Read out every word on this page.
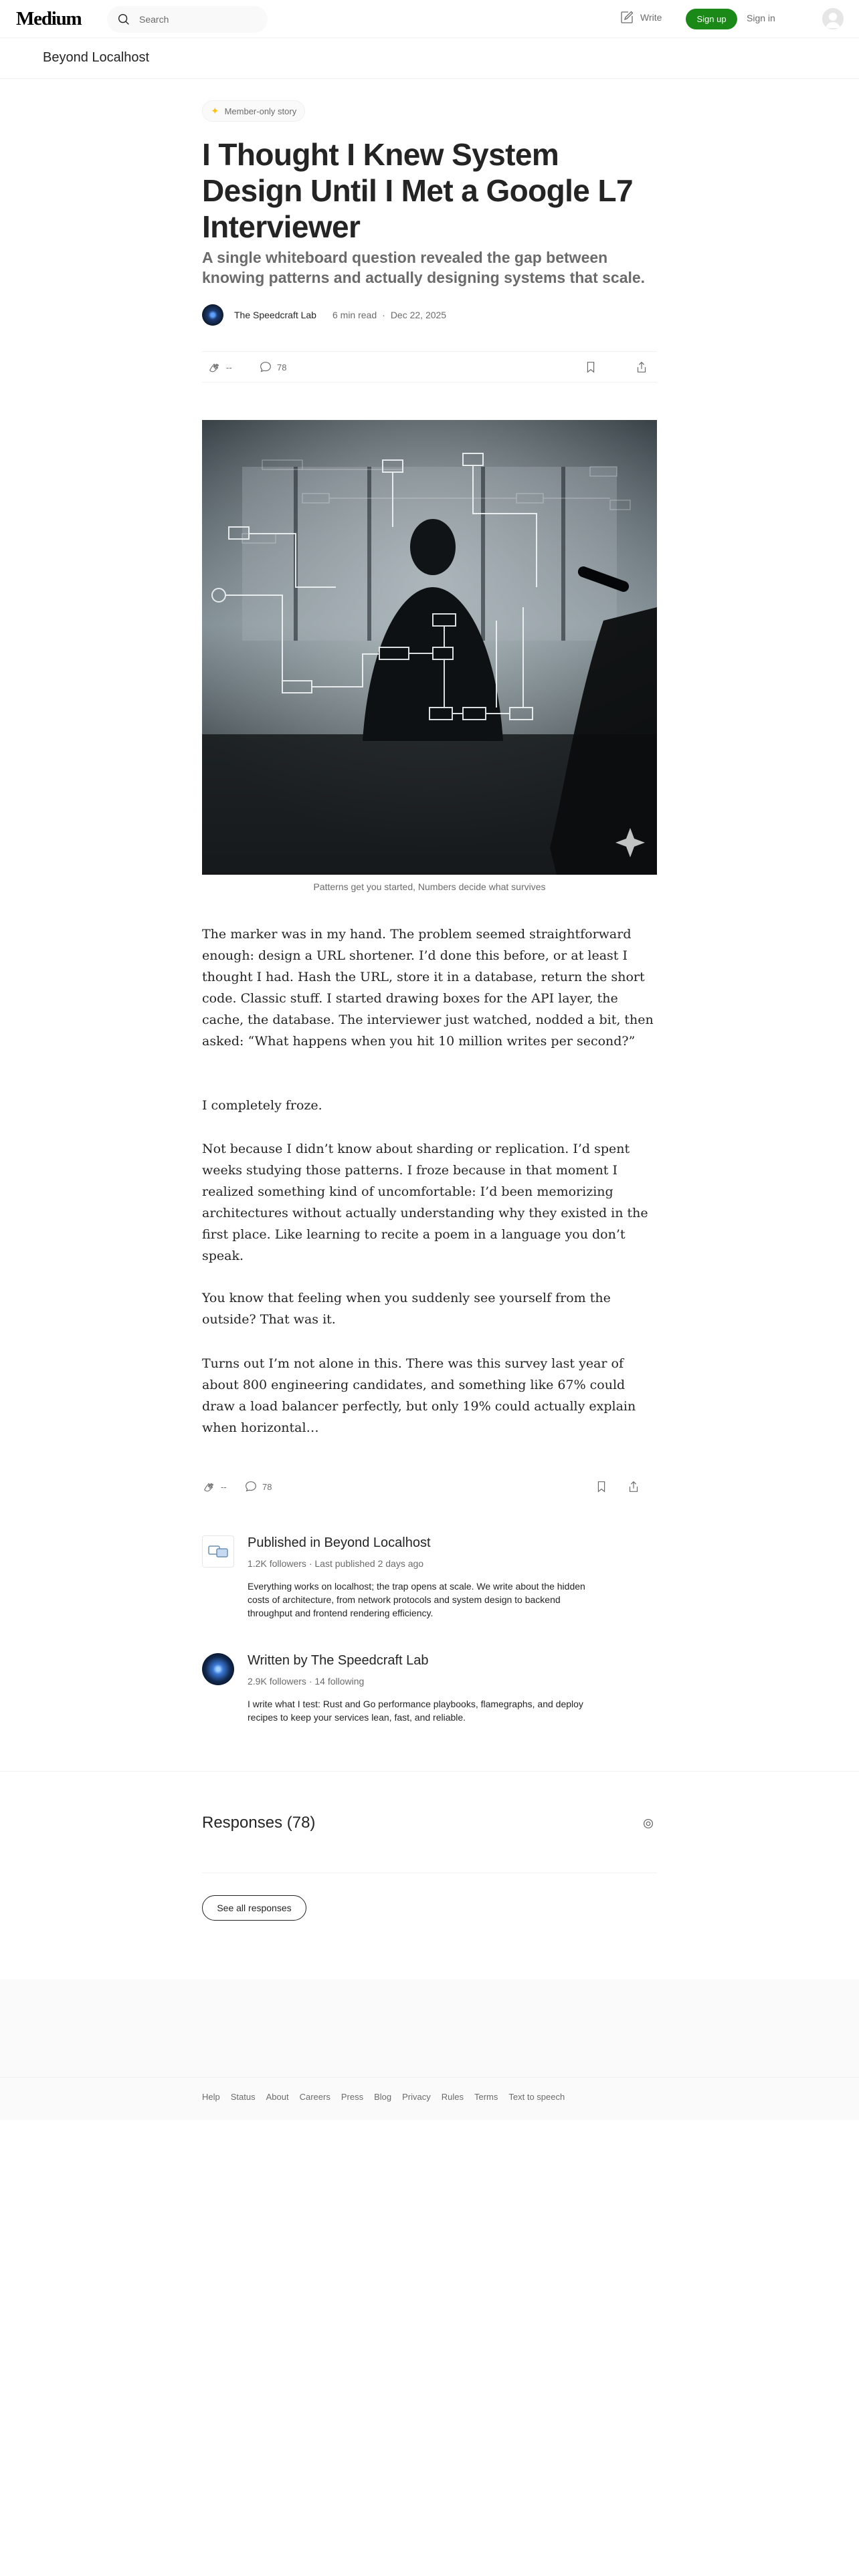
Medium	Search	Write	Sign up	Sign in
Beyond Localhost
✦ Member-only story
I Thought I Knew System Design Until I Met a Google L7 Interviewer
A single whiteboard question revealed the gap between knowing patterns and actually designing systems that scale.
The Speedcraft Lab 6 min read · Dec 22, 2025
--	78
Patterns get you started, Numbers decide what survives

The marker was in my hand. The problem seemed straightforward enough: design a URL shortener. I’d done this before, or at least I thought I had. Hash the URL, store it in a database, return the short code. Classic stuff. I started drawing boxes for the API layer, the cache, the database. The interviewer just watched, nodded a bit, then asked: “What happens when you hit 10 million writes per second?”

I completely froze.

Not because I didn’t know about sharding or replication. I’d spent weeks studying those patterns. I froze because in that moment I realized something kind of uncomfortable: I’d been memorizing architectures without actually understanding why they existed in the first place. Like learning to recite a poem in a language you don’t speak.

You know that feeling when you suddenly see yourself from the outside? That was it.

Turns out I’m not alone in this. There was this survey last year of about 800 engineering candidates, and something like 67% could draw a load balancer perfectly, but only 19% could actually explain when horizontal…

--	78
Published in Beyond Localhost
1.2K followers · Last published 2 days ago
Everything works on localhost; the trap opens at scale. We write about the hidden costs of architecture, from network protocols and system design to backend throughput and frontend rendering efficiency.
Written by The Speedcraft Lab
2.9K followers · 14 following
I write what I test: Rust and Go performance playbooks, flamegraphs, and deploy recipes to keep your services lean, fast, and reliable.
Responses (78)
See all responses
Help Status About Careers Press Blog Privacy Rules Terms Text to speech
